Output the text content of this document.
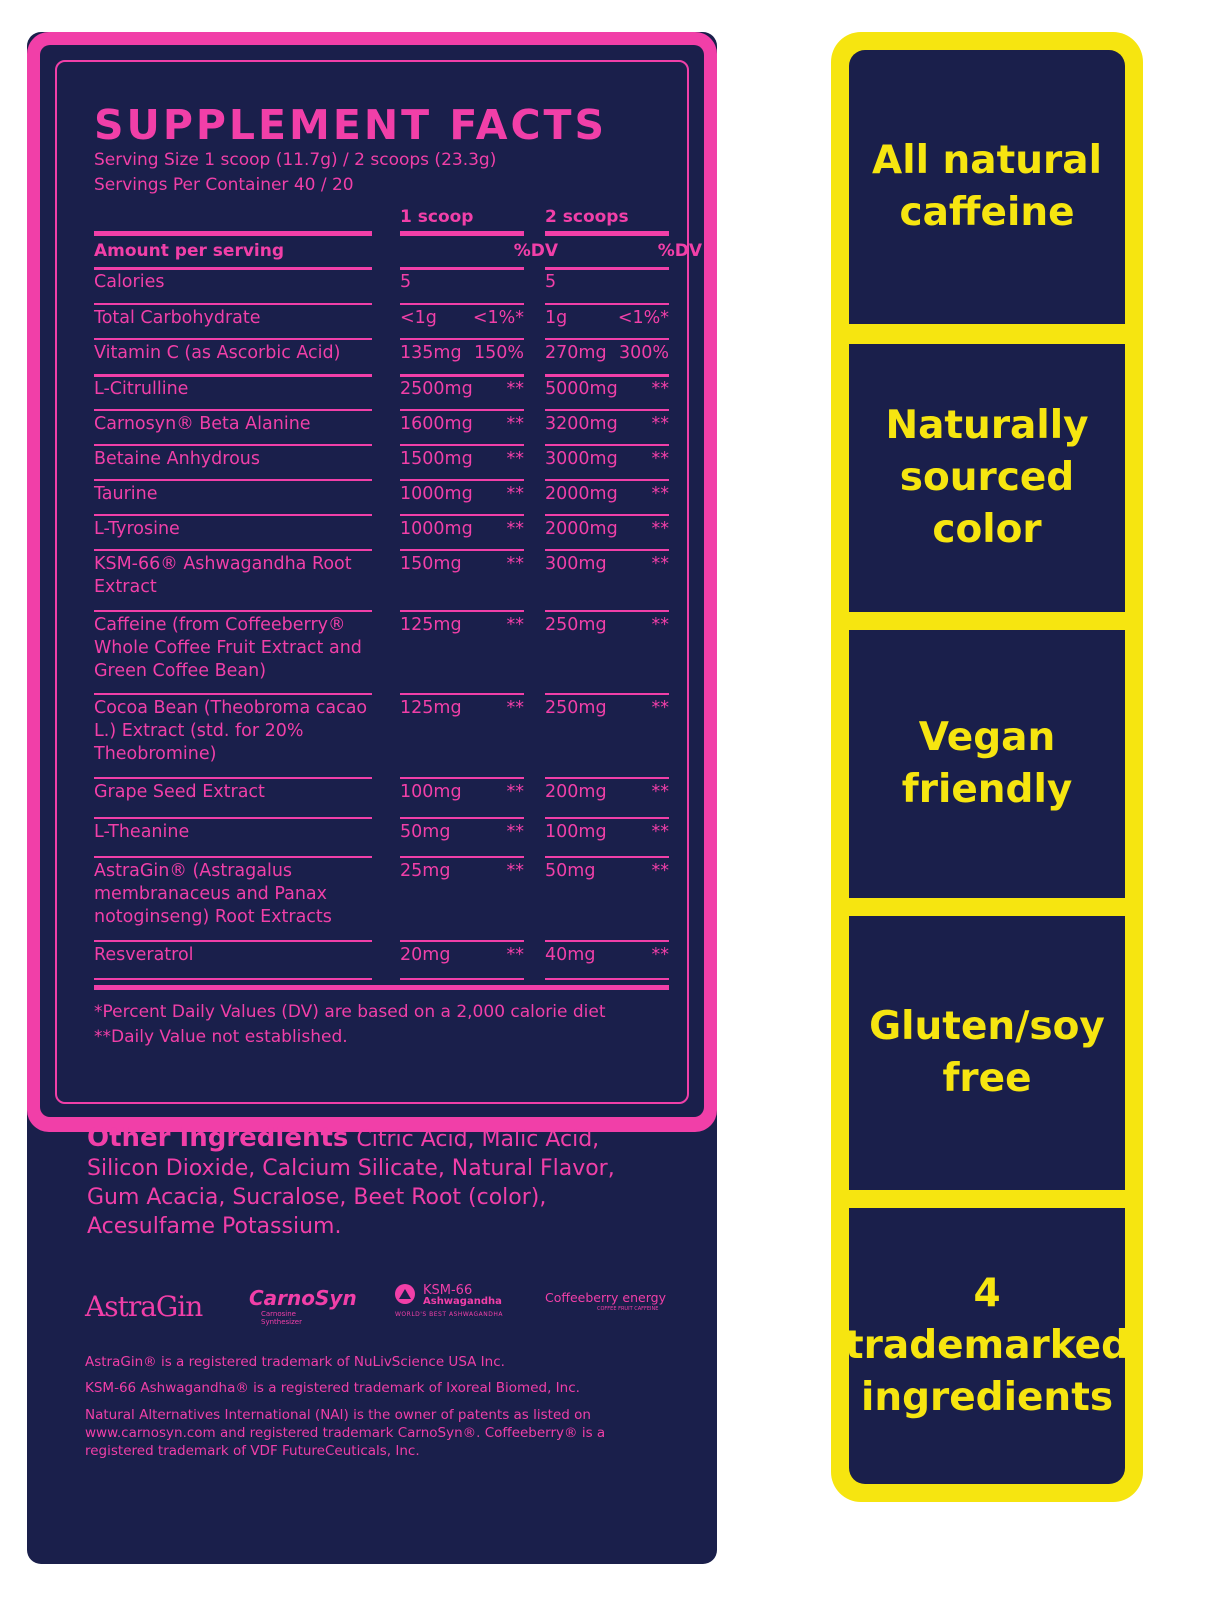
SUPPLEMENT FACTS
Serving Size 1 scoop (11.7g) / 2 scoops (23.3g)
Servings Per Container 40 / 20
1 scoop	2 scoops
Amount per serving	%DV	%DV
Calories	5	5
Total Carbohydrate	<1g	<1%* 1g	<1%*
Vitamin C (as Ascorbic Acid)	135mg 150% 270mg 300%
L-Citrulline	2500mg	** 5000mg	**
Carnosyn® Beta Alanine	1600mg	** 3200mg	**
Betaine Anhydrous	1500mg	** 3000mg	**
Taurine	1000mg	** 2000mg	**
L-Tyrosine	1000mg	** 2000mg	**
KSM-66® Ashwagandha Root Extract
150mg	** 300mg	**
Caffeine (from Coffeeberry® Whole Coffee Fruit Extract and Green Coffee Bean)
125mg	** 250mg	**
Cocoa Bean (Theobroma cacao L.) Extract (std. for 20% Theobromine)
125mg	** 250mg	**
Grape Seed Extract	100mg	** 200mg	**
L-Theanine	50mg	** 100mg	**
AstraGin® (Astragalus membranaceus and Panax notoginseng) Root Extracts
25mg	** 50mg	**
Resveratrol	20mg	** 40mg	**
*Percent Daily Values (DV) are based on a 2,000 calorie diet
**Daily Value not established.

Other Ingredients Citric Acid, Malic Acid, Silicon Dioxide, Calcium Silicate, Natural Flavor, Gum Acacia, Sucralose, Beet Root (color), Acesulfame Potassium.

AstraGin CarnoSyn
Carnosine Synthesizer
KSM-66
Ashwagandha
WORLD'S BEST ASHWAGANDHA
Coffeeberry energy
COFFEE FRUIT CAFFEINE
AstraGin® is a registered trademark of NuLivScience USA Inc.
KSM-66 Ashwagandha® is a registered trademark of Ixoreal Biomed, Inc.
Natural Alternatives International (NAI) is the owner of patents as listed on www.carnosyn.com and registered trademark CarnoSyn®. Coffeeberry® is a registered trademark of VDF FutureCeuticals, Inc.
All natural
caffeine
Naturally
sourced
color
Vegan
friendly
Gluten/soy
free
4
trademarked
ingredients
